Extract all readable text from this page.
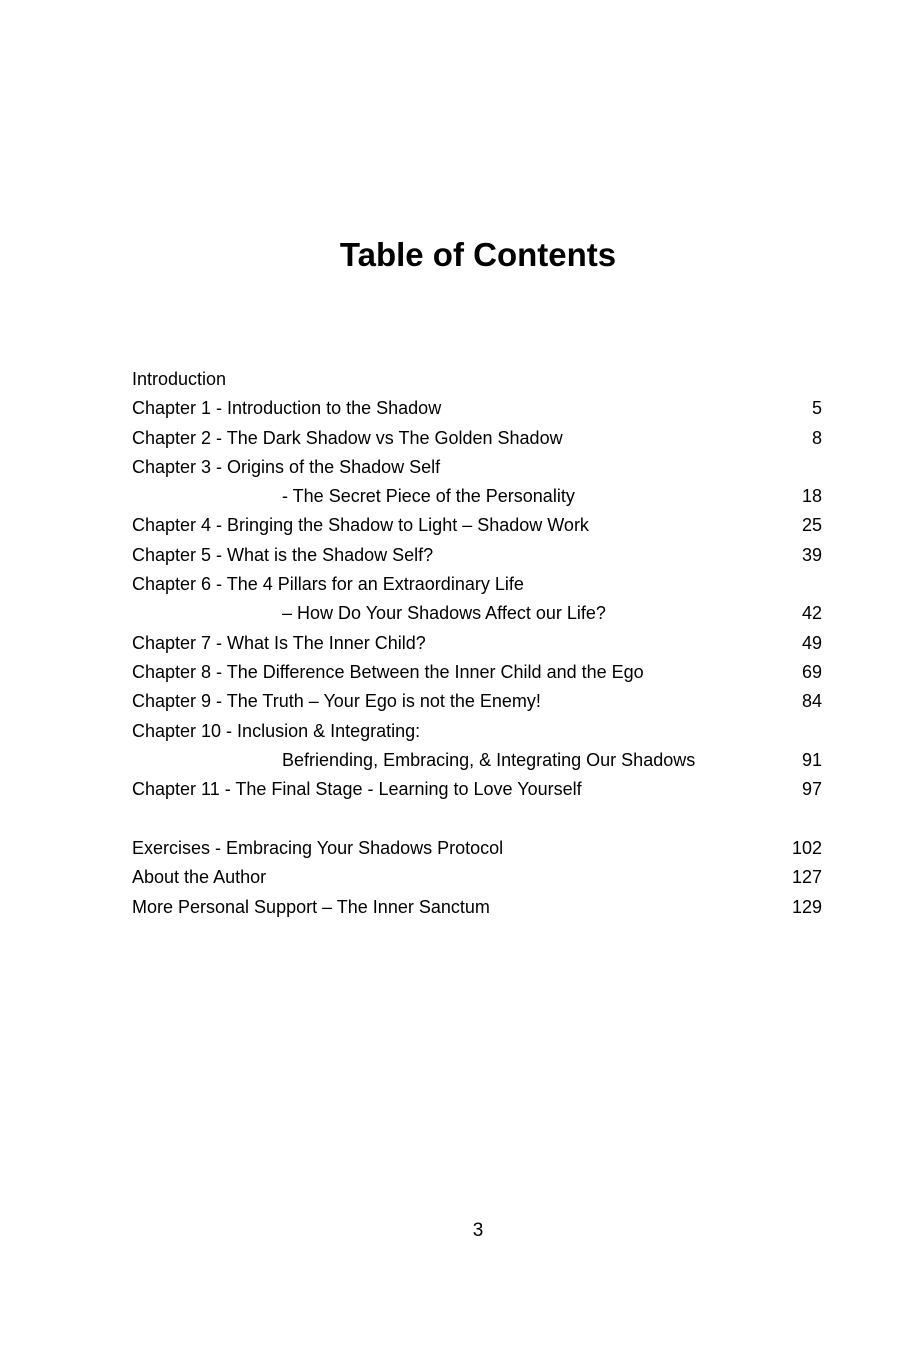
Table of Contents
Introduction
Chapter 1 - Introduction to the Shadow	5
Chapter 2 - The Dark Shadow vs The Golden Shadow	8
Chapter 3 - Origins of the Shadow Self
- The Secret Piece of the Personality	18
Chapter 4 - Bringing the Shadow to Light – Shadow Work	25
Chapter 5 - What is the Shadow Self?	39
Chapter 6 - The 4 Pillars for an Extraordinary Life
– How Do Your Shadows Affect our Life?	42
Chapter 7 - What Is The Inner Child?	49
Chapter 8 - The Difference Between the Inner Child and the Ego	69
Chapter 9 - The Truth – Your Ego is not the Enemy!	84
Chapter 10 - Inclusion & Integrating:
Befriending, Embracing, & Integrating Our Shadows	91
Chapter 11 - The Final Stage - Learning to Love Yourself	97
Exercises - Embracing Your Shadows Protocol	102
About the Author	127
More Personal Support – The Inner Sanctum	129
3
